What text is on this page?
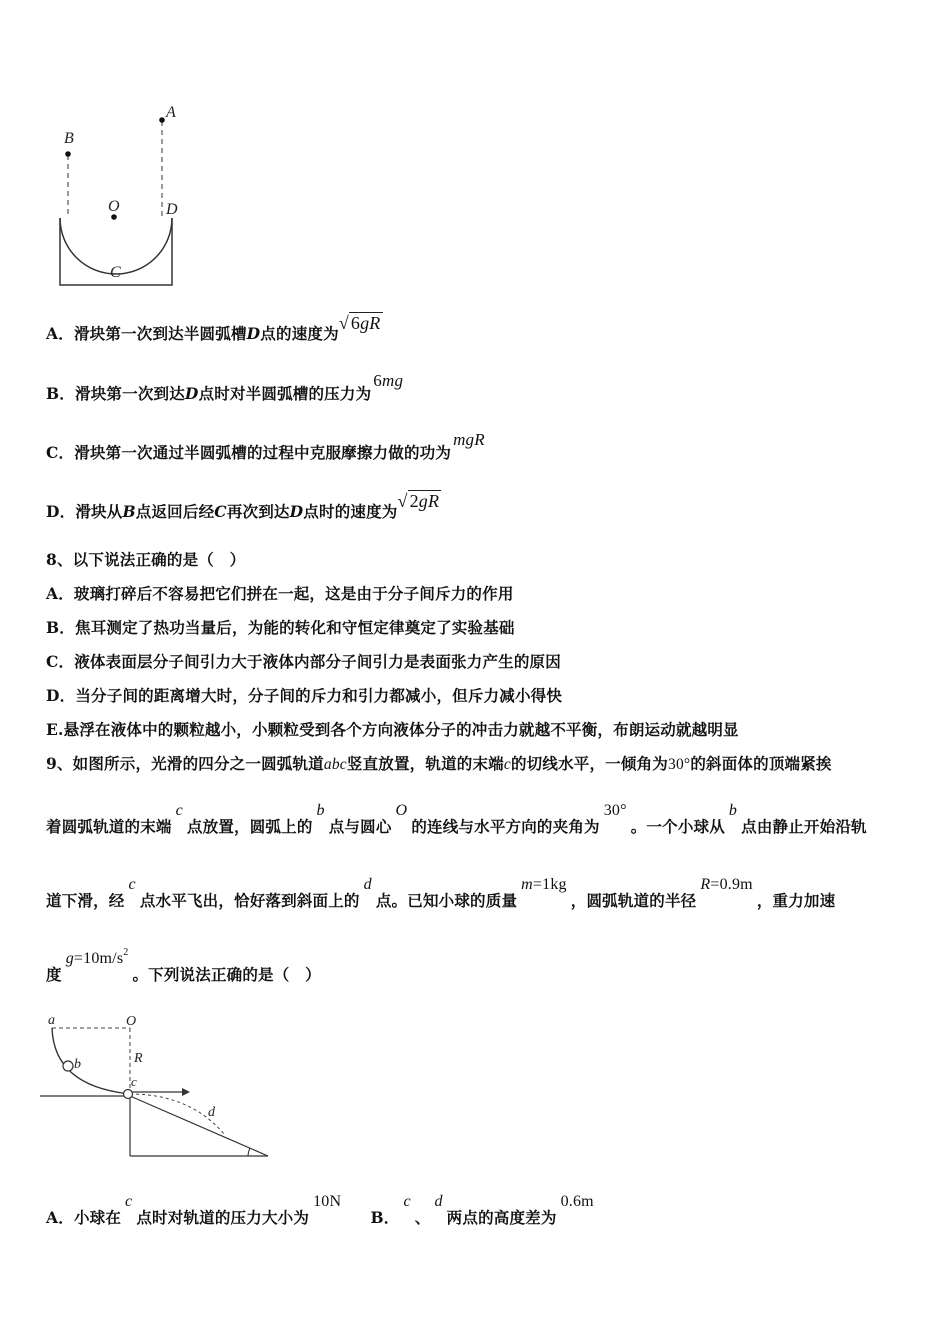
A
B
O	D
C
A．滑块第一次到达半圆弧槽D点的速度为√ 6gR
B．滑块第一次到达D点时对半圆弧槽的压力为6mg
C．滑块第一次通过半圆弧槽的过程中克服摩擦力做的功为mgR
D．滑块从B点返回后经C再次到达D点时的速度为√ 2gR
8、以下说法正确的是（　）
A．玻璃打碎后不容易把它们拼在一起，这是由于分子间斥力的作用
B．焦耳测定了热功当量后，为能的转化和守恒定律奠定了实验基础
C．液体表面层分子间引力大于液体内部分子间引力是表面张力产生的原因
D．当分子间的距离增大时，分子间的斥力和引力都减小，但斥力减小得快
E.悬浮在液体中的颗粒越小，小颗粒受到各个方向液体分子的冲击力就越不平衡，布朗运动就越明显
9、如图所示，光滑的四分之一圆弧轨道abc竖直放置，轨道的末端c的切线水平，一倾角为30°的斜面体的顶端紧挨
着圆弧轨道的末端c点放置，圆弧上的b点与圆心O的连线与水平方向的夹角为30°。一个小球从b点由静止开始沿轨
道下滑，经c点水平飞出，恰好落到斜面上的d点。已知小球的质量m=1kg，圆弧轨道的半径R=0.9m，重力加速
度$g=10m/s^2$。下列说法正确的是（　）
a	O
b	R
c
d
A．小球在c点时对轨道的压力大小为10N  B．c、d两点的高度差为0.6m
